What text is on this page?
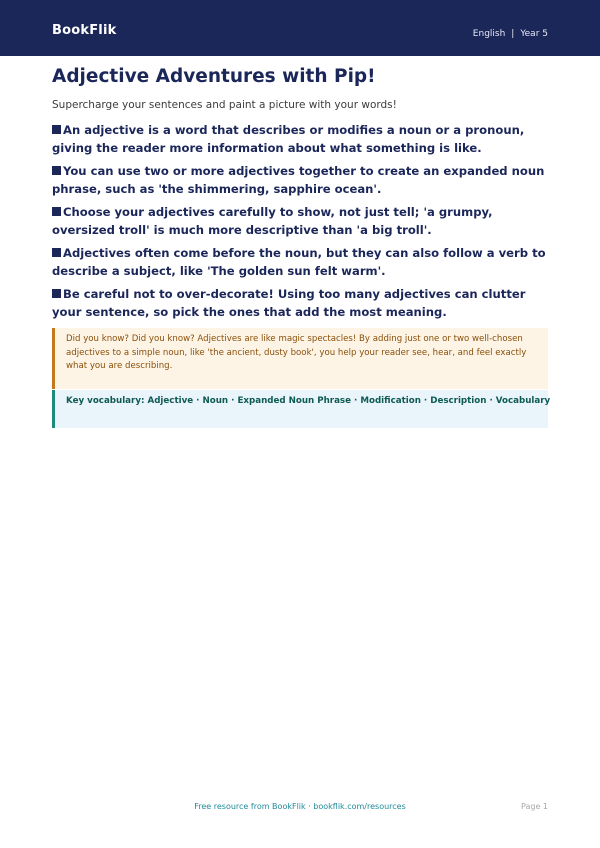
BookFlik	English | Year 5
Adjective Adventures with Pip!
Supercharge your sentences and paint a picture with your words!
An adjective is a word that describes or modifies a noun or a pronoun, giving the reader more information about what something is like.
You can use two or more adjectives together to create an expanded noun phrase, such as 'the shimmering, sapphire ocean'.
Choose your adjectives carefully to show, not just tell; 'a grumpy, oversized troll' is much more descriptive than 'a big troll'.
Adjectives often come before the noun, but they can also follow a verb to describe a subject, like 'The golden sun felt warm'.
Be careful not to over-decorate! Using too many adjectives can clutter your sentence, so pick the ones that add the most meaning.
Did you know? Did you know? Adjectives are like magic spectacles! By adding just one or two well-chosen adjectives to a simple noun, like 'the ancient, dusty book', you help your reader see, hear, and feel exactly what you are describing.
Key vocabulary: Adjective · Noun · Expanded Noun Phrase · Modification · Description · Vocabulary
Free resource from BookFlik · bookflik.com/resources	Page 1
